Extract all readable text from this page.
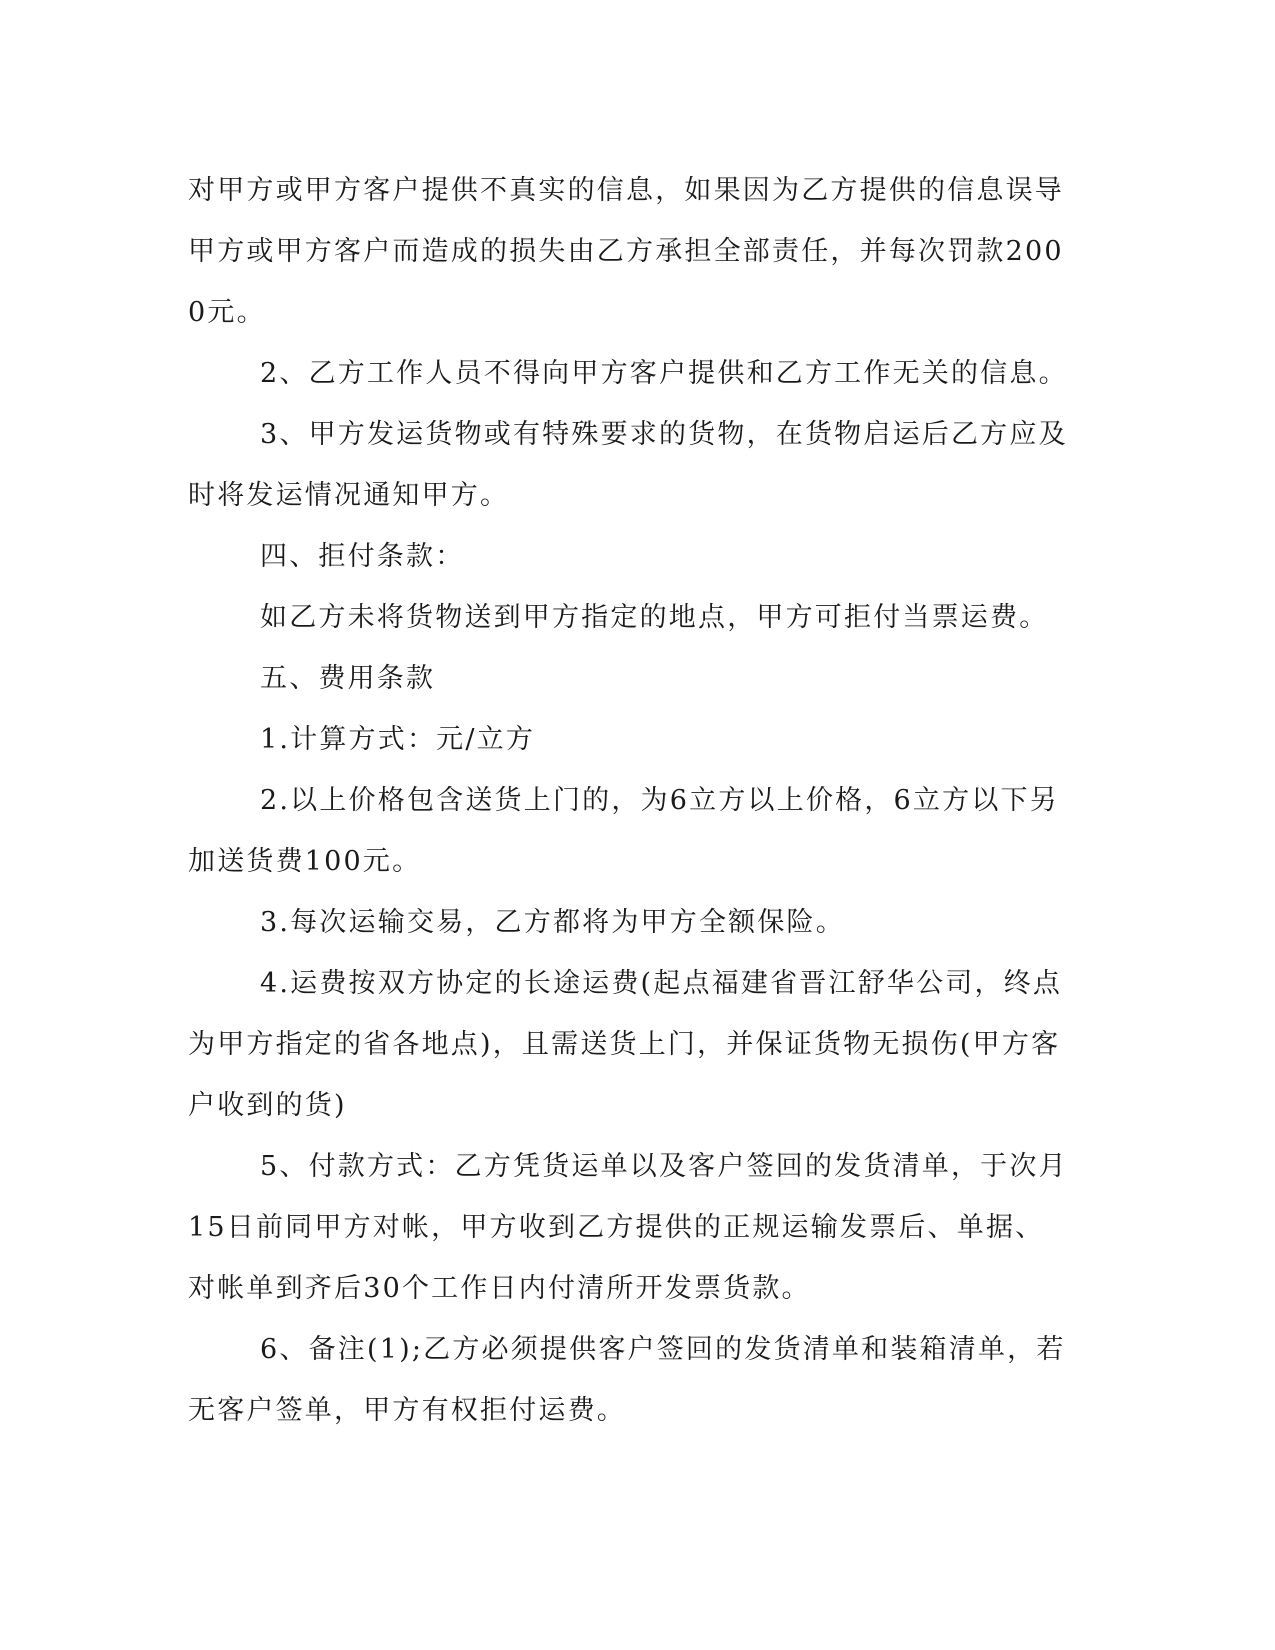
对甲方或甲方客户提供不真实的信息，如果因为乙方提供的信息误导甲方或甲方客户而造成的损失由乙方承担全部责任，并每次罚款2000元。

2、乙方工作人员不得向甲方客户提供和乙方工作无关的信息。

3、甲方发运货物或有特殊要求的货物，在货物启运后乙方应及时将发运情况通知甲方。

四、拒付条款：

如乙方未将货物送到甲方指定的地点，甲方可拒付当票运费。

五、费用条款

1.计算方式：元/立方

2.以上价格包含送货上门的，为6立方以上价格，6立方以下另加送货费100元。

3.每次运输交易，乙方都将为甲方全额保险。

4.运费按双方协定的长途运费(起点福建省晋江舒华公司，终点为甲方指定的省各地点)，且需送货上门，并保证货物无损伤(甲方客户收到的货)

5、付款方式：乙方凭货运单以及客户签回的发货清单，于次月15日前同甲方对帐，甲方收到乙方提供的正规运输发票后、单据、对帐单到齐后30个工作日内付清所开发票货款。

6、备注(1);乙方必须提供客户签回的发货清单和装箱清单，若无客户签单，甲方有权拒付运费。
